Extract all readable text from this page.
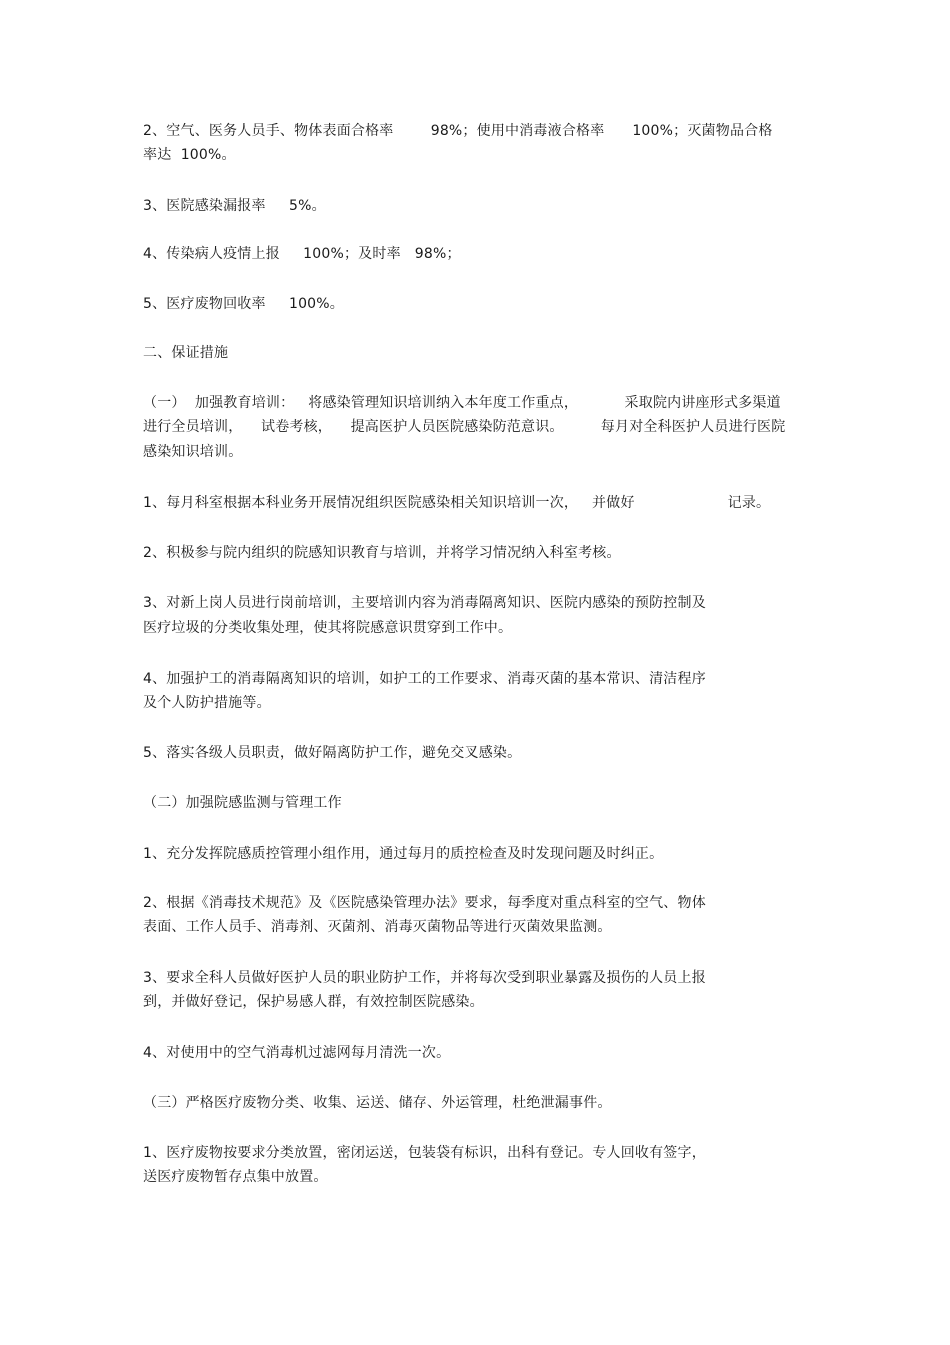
2、空气、医务人员手、物体表面合格率        98%；使用中消毒液合格率      100%；灭菌物品合格
率达  100%。
3、医院感染漏报率     5%。
4、传染病人疫情上报     100%；及时率   98%；
5、医疗废物回收率     100%。
二、保证措施
（一）  加强教育培训：   将感染管理知识培训纳入本年度工作重点，          采取院内讲座形式多渠道
进行全员培训，    试卷考核，    提高医护人员医院感染防范意识。        每月对全科医护人员进行医院
感染知识培训。
1、每月科室根据本科业务开展情况组织医院感染相关知识培训一次，   并做好                    记录。
2、积极参与院内组织的院感知识教育与培训，并将学习情况纳入科室考核。
3、对新上岗人员进行岗前培训，主要培训内容为消毒隔离知识、医院内感染的预防控制及
医疗垃圾的分类收集处理，使其将院感意识贯穿到工作中。
4、加强护工的消毒隔离知识的培训，如护工的工作要求、消毒灭菌的基本常识、清洁程序
及个人防护措施等。
5、落实各级人员职责，做好隔离防护工作，避免交叉感染。
（二）加强院感监测与管理工作
1、充分发挥院感质控管理小组作用，通过每月的质控检查及时发现问题及时纠正。
2、根据《消毒技术规范》及《医院感染管理办法》要求，每季度对重点科室的空气、物体
表面、工作人员手、消毒剂、灭菌剂、消毒灭菌物品等进行灭菌效果监测。
3、要求全科人员做好医护人员的职业防护工作，并将每次受到职业暴露及损伤的人员上报
到，并做好登记，保护易感人群，有效控制医院感染。
4、对使用中的空气消毒机过滤网每月清洗一次。
（三）严格医疗废物分类、收集、运送、储存、外运管理，杜绝泄漏事件。
1、医疗废物按要求分类放置，密闭运送，包装袋有标识，出科有登记。专人回收有签字，
送医疗废物暂存点集中放置。
